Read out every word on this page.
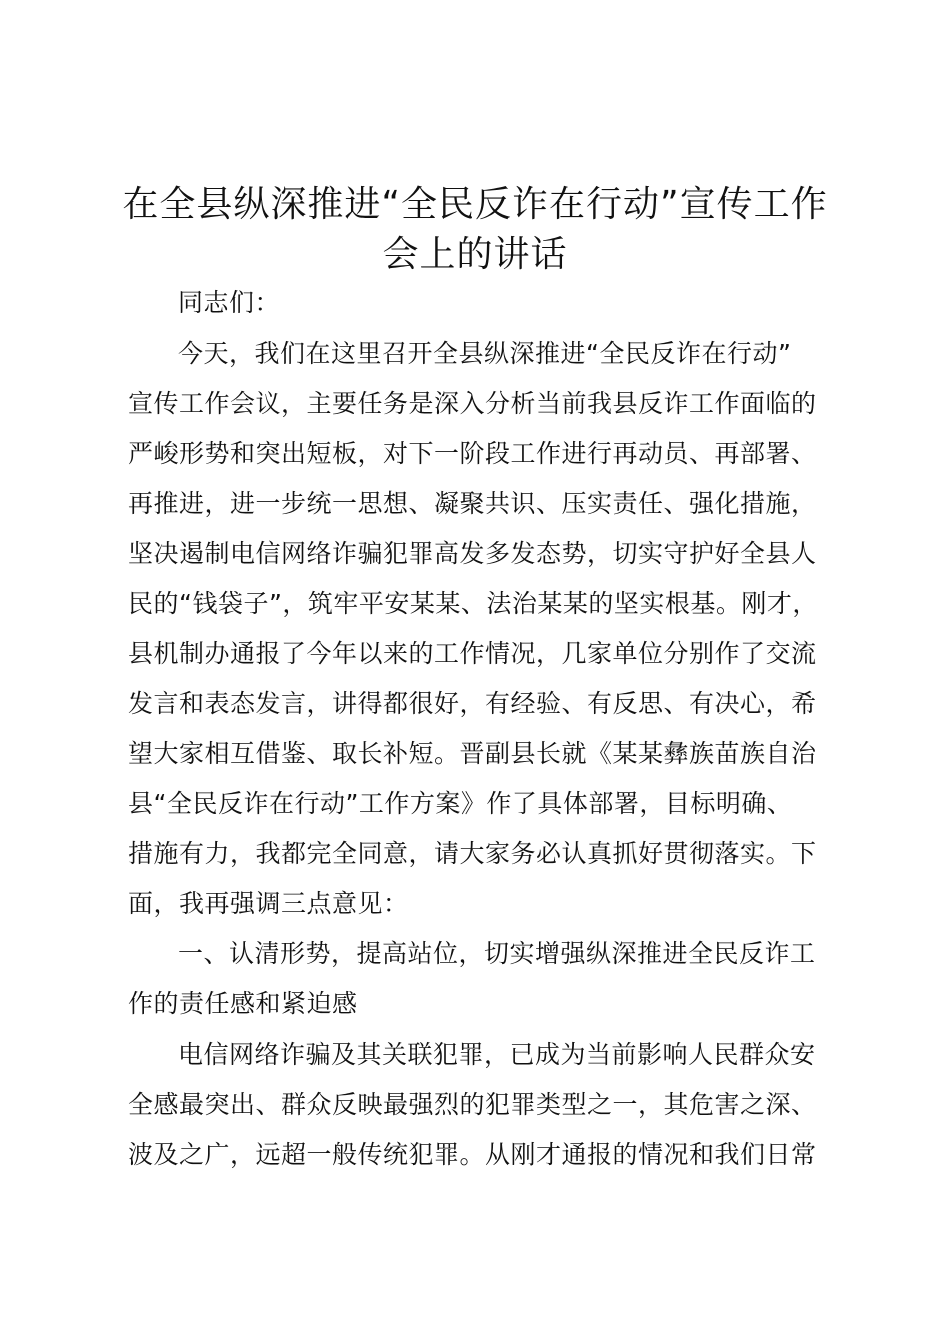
在全县纵深推进“全民反诈在行动”宣传工作
会上的讲话
同志们：
今天，我们在这里召开全县纵深推进“全民反诈在行动”
宣传工作会议，主要任务是深入分析当前我县反诈工作面临的
严峻形势和突出短板，对下一阶段工作进行再动员、再部署、
再推进，进一步统一思想、凝聚共识、压实责任、强化措施，
坚决遏制电信网络诈骗犯罪高发多发态势，切实守护好全县人
民的“钱袋子”，筑牢平安某某、法治某某的坚实根基。刚才，
县机制办通报了今年以来的工作情况，几家单位分别作了交流
发言和表态发言，讲得都很好，有经验、有反思、有决心，希
望大家相互借鉴、取长补短。晋副县长就《某某彝族苗族自治
县“全民反诈在行动”工作方案》作了具体部署，目标明确、
措施有力，我都完全同意，请大家务必认真抓好贯彻落实。下
面，我再强调三点意见：
一、认清形势，提高站位，切实增强纵深推进全民反诈工
作的责任感和紧迫感
电信网络诈骗及其关联犯罪，已成为当前影响人民群众安
全感最突出、群众反映最强烈的犯罪类型之一，其危害之深、
波及之广，远超一般传统犯罪。从刚才通报的情况和我们日常
